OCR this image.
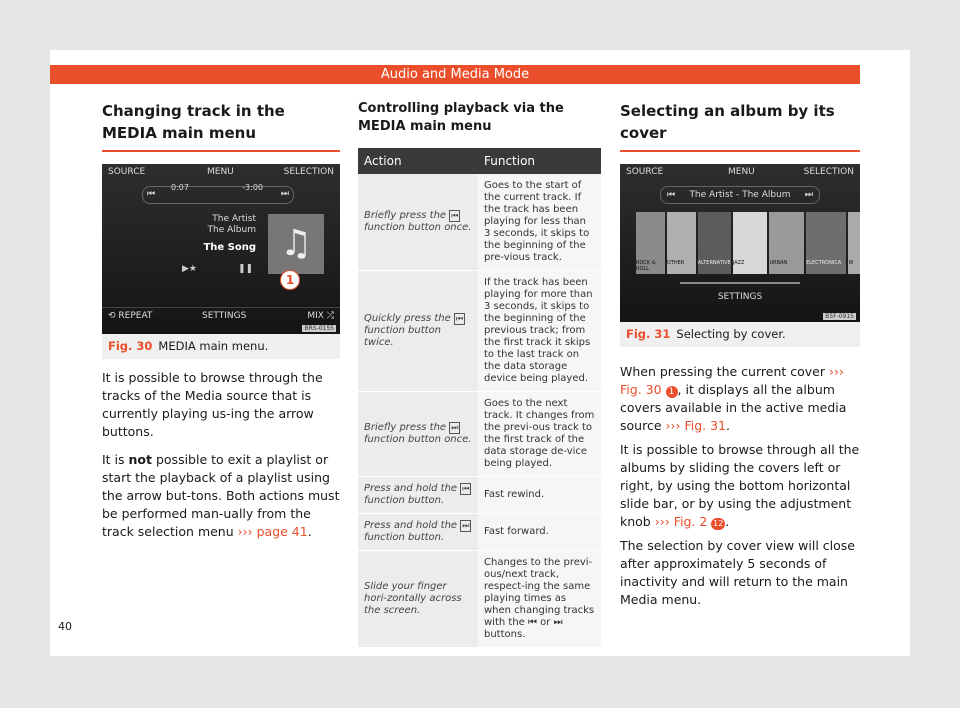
Audio and Media Mode
Changing track in the MEDIA main menu
SOURCE	MENU	SELECTION
⏮
0:07	-3:00
⏭
The Artist
The Album
The Song ♫
▶★	❚❚
⟲ REPEAT	SETTINGS	MIX ⤮
1
BRS-0155
Fig. 30 MEDIA main menu.

It is possible to browse through the tracks of the Media source that is currently playing us-ing the arrow buttons.

It is not possible to exit a playlist or start the playback of a playlist using the arrow but-tons. Both actions must be performed man-ually from the track selection menu ››› page 41.

Controlling playback via the MEDIA main menu
Action	Function
Briefly press the ⏮ function button once.	Goes to the start of the current track. If the track has been playing for less than 3 seconds, it skips to the beginning of the pre-vious track.
Quickly press the ⏮ function button twice.	If the track has been playing for more than 3 seconds, it skips to the beginning of the previous track; from the first track it skips to the last track on the data storage device being played.
Briefly press the ⏭ function button once.	Goes to the next track. It changes from the previ-ous track to the first track of the data storage de-vice being played.
Press and hold the ⏮ function button.	Fast rewind.
Press and hold the ⏭ function button.	Fast forward.
Slide your finger hori-zontally across the screen.	Changes to the previ-ous/next track, respect-ing the same playing times as when changing tracks with the ⏮ or ⏭ buttons.
Selecting an album by its cover
SOURCE	MENU	SELECTION
⏮ The Artist - The Album ⏭
ROCK & ROLL
OTHER	ALTERNATIVE JAZZ	URBAN	ELECTRONICA	W
SETTINGS
B5F-0915
Fig. 31 Selecting by cover.

When pressing the current cover ››› Fig. 30 1 , it displays all the album covers available in the active media source ››› Fig. 31.

It is possible to browse through all the albums by sliding the covers left or right, by using the bottom horizontal slide bar, or by using the adjustment knob ››› Fig. 2 12 .

The selection by cover view will close after approximately 5 seconds of inactivity and will return to the main Media menu.

40
